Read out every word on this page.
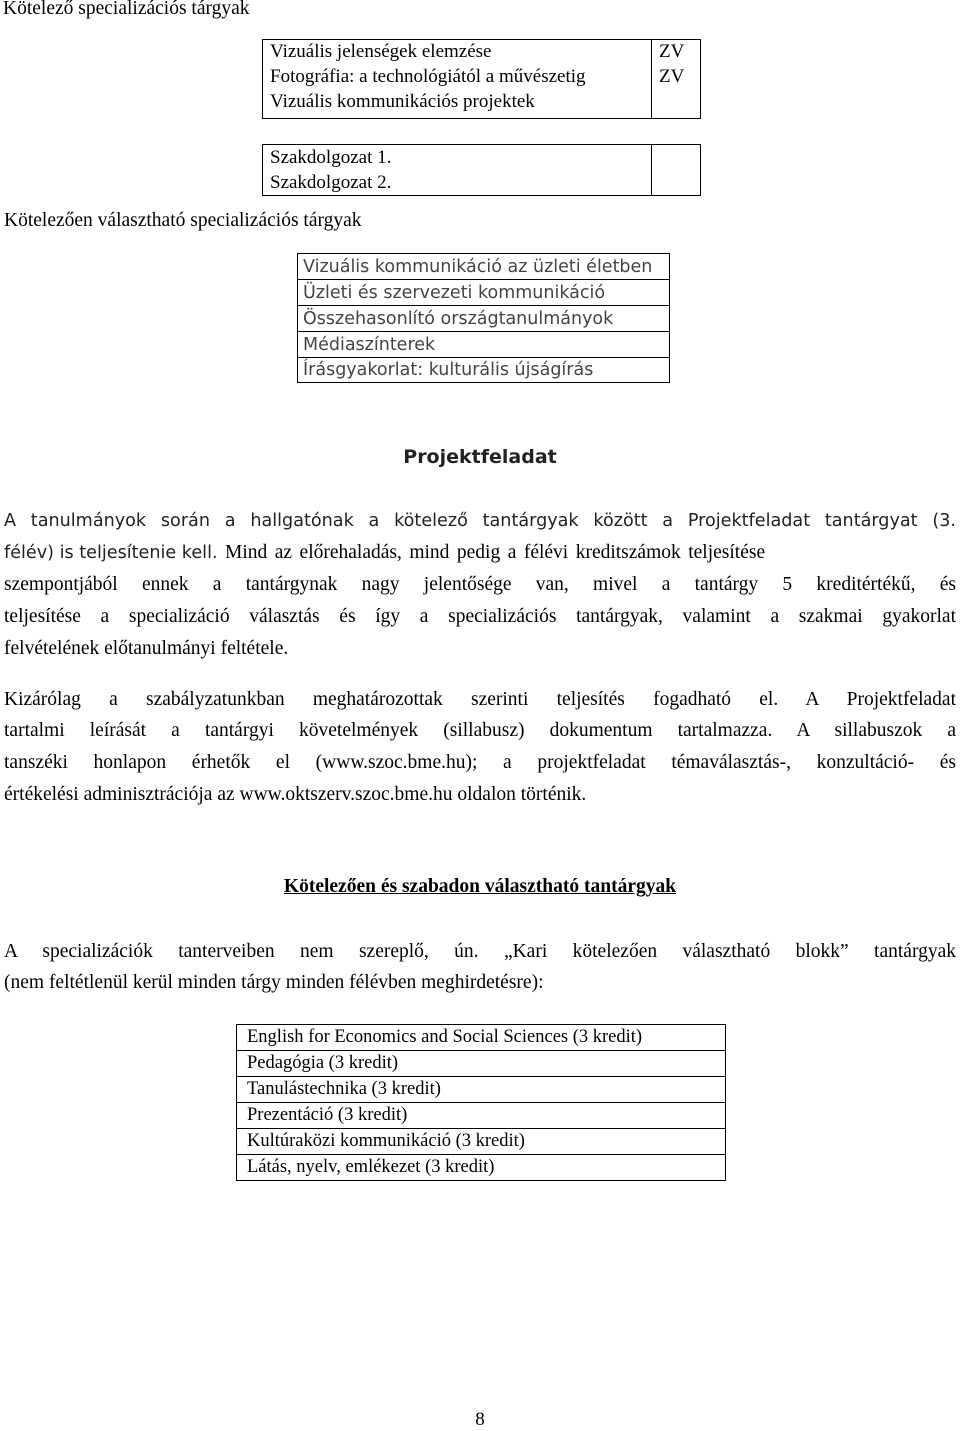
Kötelező specializációs tárgyak
Vizuális jelenségek elemzése
Fotográfia: a technológiától a művészetig
Vizuális kommunikációs projektek
ZV
ZV
Szakdolgozat 1.
Szakdolgozat 2.
Kötelezően választható specializációs tárgyak
Vizuális kommunikáció az üzleti életben
Üzleti és szervezeti kommunikáció
Összehasonlító országtanulmányok
Médiaszínterek
Írásgyakorlat: kulturális újságírás
Projektfeladat
A tanulmányok során a hallgatónak a kötelező tantárgyak között a Projektfeladat tantárgyat (3.
félév) is teljesítenie kell. Mind az előrehaladás, mind pedig a félévi kreditszámok teljesítése
szempontjából ennek a tantárgynak nagy jelentősége van, mivel a tantárgy 5 kreditértékű, és
teljesítése a specializáció választás és így a specializációs tantárgyak, valamint a szakmai gyakorlat
felvételének előtanulmányi feltétele.
Kizárólag a szabályzatunkban meghatározottak szerinti teljesítés fogadható el. A Projektfeladat
tartalmi leírását a tantárgyi követelmények (sillabusz) dokumentum tartalmazza. A sillabuszok a
tanszéki honlapon érhetők el (www.szoc.bme.hu); a projektfeladat témaválasztás-, konzultáció- és
értékelési adminisztrációja az www.oktszerv.szoc.bme.hu oldalon történik.
Kötelezően és szabadon választható tantárgyak
A specializációk tanterveiben nem szereplő, ún. „Kari kötelezően választható blokk” tantárgyak
(nem feltétlenül kerül minden tárgy minden félévben meghirdetésre):
English for Economics and Social Sciences (3 kredit)
Pedagógia (3 kredit)
Tanulástechnika (3 kredit)
Prezentáció (3 kredit)
Kultúraközi kommunikáció (3 kredit)
Látás, nyelv, emlékezet (3 kredit)
8
